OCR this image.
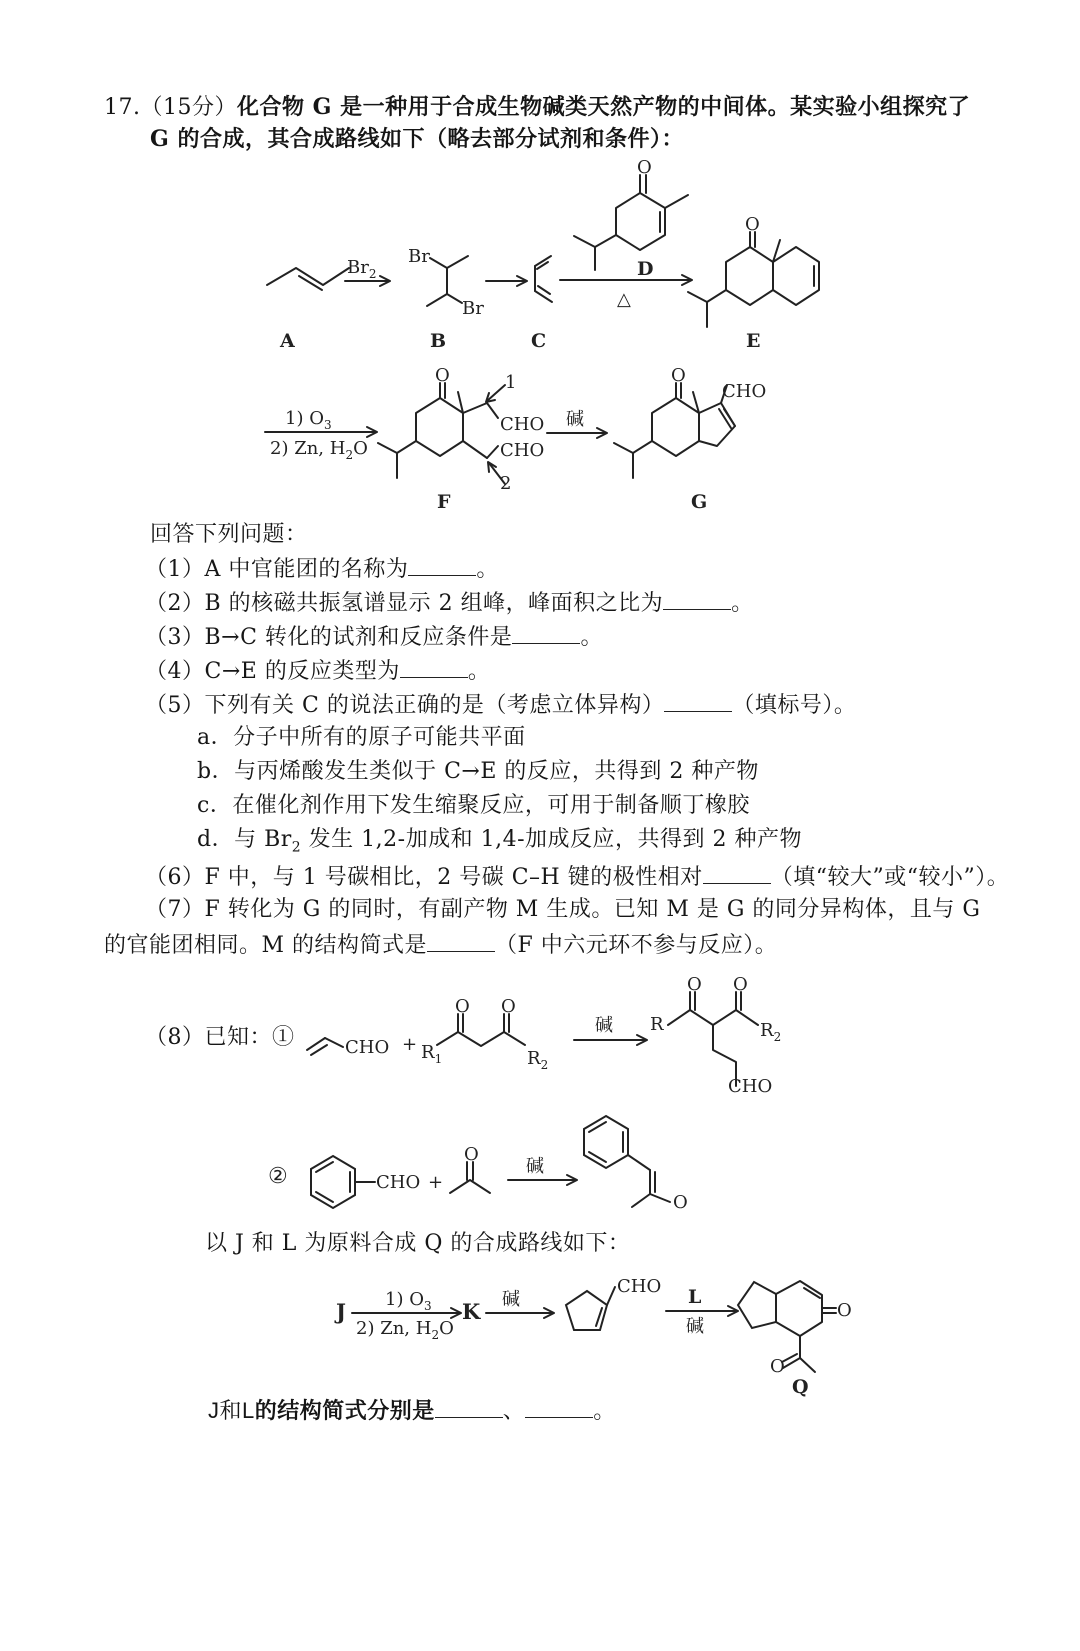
17.（15分）化合物 G 是一种用于合成生物碱类天然产物的中间体。某实验小组探究了
G 的合成，其合成路线如下（略去部分试剂和条件）：
A
$Br_2$
Br
Br
B	C
O
D
△
O
E
1) $O_3$
2) Zn, $H_2O$
O
CHO
CHO
1
2
F
碱
O
CHO
G
回答下列问题：
（1）A 中官能团的名称为	。
（2）B 的核磁共振氢谱显示 2 组峰，峰面积之比为	。
（3）B→C 转化的试剂和反应条件是	。
（4）C→E 的反应类型为	。
（5）下列有关 C 的说法正确的是（考虑立体异构）	（填标号）。
a．分子中所有的原子可能共平面
b．与丙烯酸发生类似于 C→E 的反应，共得到 2 种产物
c．在催化剂作用下发生缩聚反应，可用于制备顺丁橡胶
d．与 $Br_2$ 发生 1,2-加成和 1,4-加成反应，共得到 2 种产物
（6）F 中，与 1 号碳相比，2 号碳 C–H 键的极性相对	（填“较大”或“较小”）。
（7）F 转化为 G 的同时，有副产物 M 生成。已知 M 是 G 的同分异构体，且与 G
的官能团相同。M 的结构简式是	（F 中六元环不参与反应）。
（8）已知：①	CHO +
O O
$R_1$	$R_2$
碱
O O
R	$R_2$
CHO
②	CHO +
O
碱
O
J 1) $O_3$
2) Zn, $H_2O$
K 碱
CHO L
碱
O
O
Q
以 J 和 L 为原料合成 Q 的合成路线如下：
J和L的结构简式分别是	、	。
